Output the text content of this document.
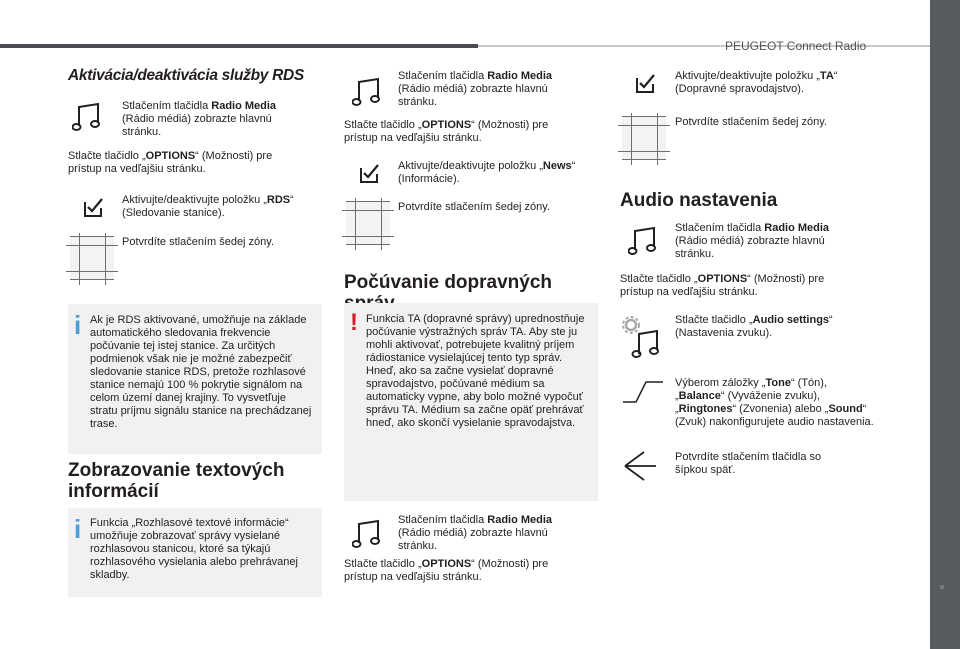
PEUGEOT Connect Radio
Aktivácia/deaktivácia služby RDS
Stlačením tlačidla Radio Media (Rádio médiá) zobrazte hlavnú stránku.
Stlačte tlačidlo „OPTIONS“ (Možnosti) pre prístup na vedľajšiu stránku.
Aktivujte/deaktivujte položku „RDS“ (Sledovanie stanice).
Potvrdíte stlačením šedej zóny.
i Ak je RDS aktivované, umožňuje na základe automatického sledovania frekvencie počúvanie tej istej stanice. Za určitých podmienok však nie je možné zabezpečiť sledovanie stanice RDS, pretože rozhlasové stanice nemajú 100 % pokrytie signálom na celom území danej krajiny. To vysvetľuje stratu príjmu signálu stanice na prechádzanej trase.
Zobrazovanie textových
informácií
i Funkcia „Rozhlasové textové informácie“ umožňuje zobrazovať správy vysielané rozhlasovou stanicou, ktoré sa týkajú rozhlasového vysielania alebo prehrávanej skladby.
Stlačením tlačidla Radio Media (Rádio médiá) zobrazte hlavnú stránku.
Stlačte tlačidlo „OPTIONS“ (Možnosti) pre prístup na vedľajšiu stránku.
Aktivujte/deaktivujte položku „News“ (Informácie).
Potvrdíte stlačením šedej zóny.
Počúvanie dopravných
! Funkcia TA (dopravné správy) uprednostňuje počúvanie výstražných správ TA. Aby ste ju mohli aktivovať, potrebujete kvalitný príjem rádiostanice vysielajúcej tento typ správ. Hneď, ako sa začne vysielať dopravné spravodajstvo, počúvané médium sa automaticky vypne, aby bolo možné vypočuť správu TA. Médium sa začne opäť prehrávať hneď, ako skončí vysielanie spravodajstva.
Stlačením tlačidla Radio Media (Rádio médiá) zobrazte hlavnú stránku.
Stlačte tlačidlo „OPTIONS“ (Možnosti) pre prístup na vedľajšiu stránku.
Aktivujte/deaktivujte položku „TA“ (Dopravné spravodajstvo).
Potvrdíte stlačením šedej zóny.
Audio nastavenia
Stlačením tlačidla Radio Media (Rádio médiá) zobrazte hlavnú stránku.
Stlačte tlačidlo „OPTIONS“ (Možnosti) pre prístup na vedľajšiu stránku.
Stlačte tlačidlo „Audio settings“ (Nastavenia zvuku).
Výberom záložky „Tone“ (Tón), „Balance“ (Vyváženie zvuku), „Ringtones“ (Zvonenia) alebo „Sound“ (Zvuk) nakonfigurujete audio nastavenia.
Potvrdíte stlačením tlačidla so šípkou späť.
7
